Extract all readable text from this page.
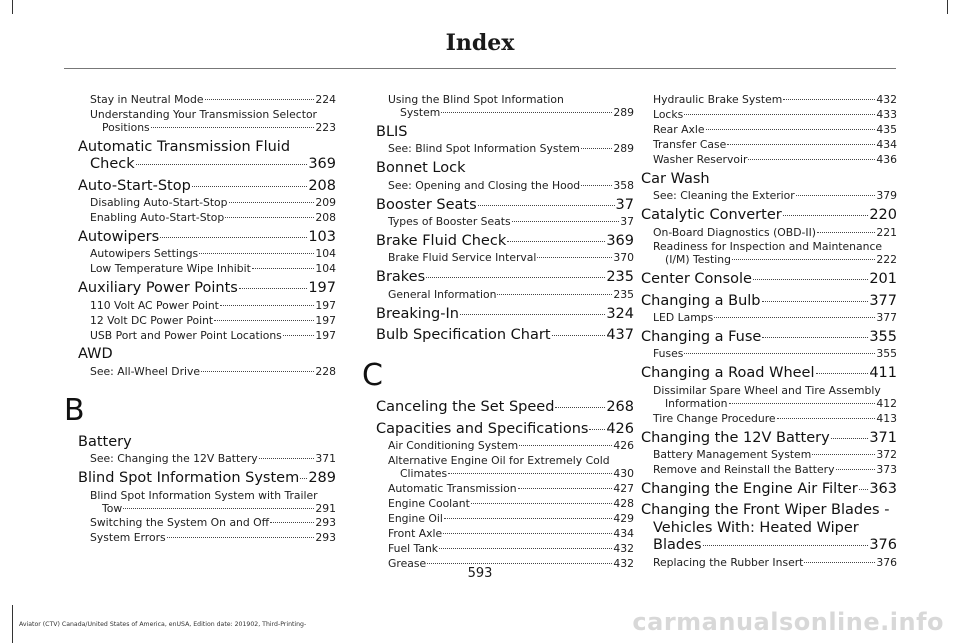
Index
Stay in Neutral Mode	224
Understanding Your Transmission Selector
Positions	223
Automatic Transmission Fluid
Check	369
Auto-Start-Stop	208
Disabling Auto-Start-Stop	209
Enabling Auto-Start-Stop	208
Autowipers	103
Autowipers Settings	104
Low Temperature Wipe Inhibit	104
Auxiliary Power Points	197
110 Volt AC Power Point	197
12 Volt DC Power Point	197
USB Port and Power Point Locations	197
AWD
See: All-Wheel Drive	228
B
Battery
See: Changing the 12V Battery	371
Blind Spot Information System 289
Blind Spot Information System with Trailer
Tow	291
Switching the System On and Off	293
System Errors	293
Using the Blind Spot Information
System	289
BLIS
See: Blind Spot Information System	289
Bonnet Lock
See: Opening and Closing the Hood	358
Booster Seats	37
Types of Booster Seats	37
Brake Fluid Check	369
Brake Fluid Service Interval	370
Brakes	235
General Information	235
Breaking-In	324
Bulb Specification Chart	437
C
Canceling the Set Speed	268
Capacities and Specifications 426
Air Conditioning System	426
Alternative Engine Oil for Extremely Cold
Climates	430
Automatic Transmission	427
Engine Coolant	428
Engine Oil	429
Front Axle	434
Fuel Tank	432
Grease	432
Hydraulic Brake System	432
Locks	433
Rear Axle	435
Transfer Case	434
Washer Reservoir	436
Car Wash
See: Cleaning the Exterior	379
Catalytic Converter	220
On-Board Diagnostics (OBD-II)	221
Readiness for Inspection and Maintenance
(I/M) Testing	222
Center Console	201
Changing a Bulb	377
LED Lamps	377
Changing a Fuse	355
Fuses	355
Changing a Road Wheel	411
Dissimilar Spare Wheel and Tire Assembly
Information	412
Tire Change Procedure	413
Changing the 12V Battery	371
Battery Management System	372
Remove and Reinstall the Battery	373
Changing the Engine Air Filter 363
Changing the Front Wiper Blades -
Vehicles With: Heated Wiper
Blades	376
Replacing the Rubber Insert	376
593
Aviator (CTV) Canada/United States of America, enUSA, Edition date: 201902, Third-Printing-	carmanualsonline.info
